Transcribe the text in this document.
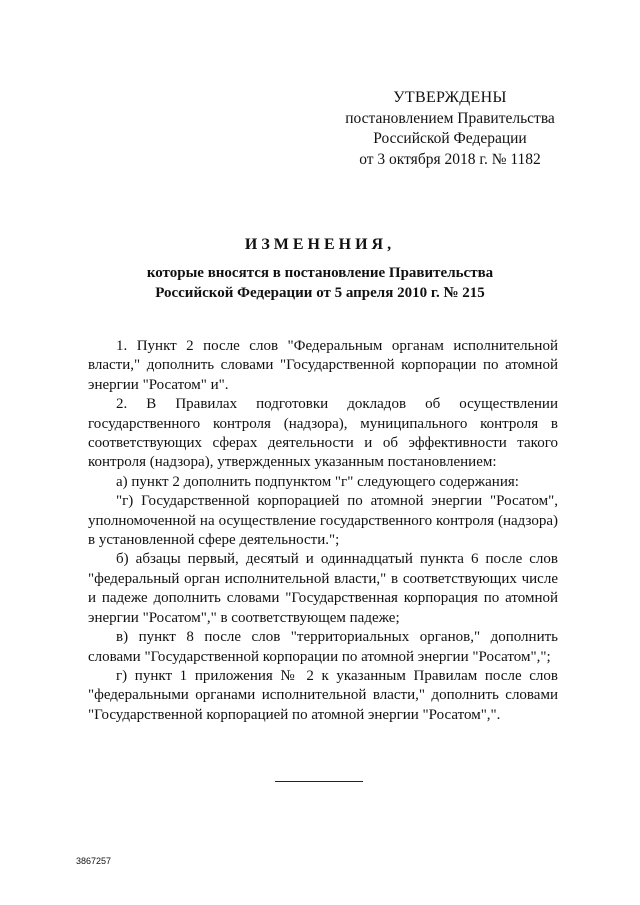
УТВЕРЖДЕНЫ
постановлением Правительства
Российской Федерации
от 3 октября 2018 г. № 1182
ИЗМЕНЕНИЯ,
которые вносятся в постановление Правительства
Российской Федерации от 5 апреля 2010 г. № 215

1. Пункт 2 после слов "Федеральным органам исполнительной власти," дополнить словами "Государственной корпорации по атомной энергии "Росатом" и".

2. В Правилах подготовки докладов об осуществлении государственного контроля (надзора), муниципального контроля в соответствующих сферах деятельности и об эффективности такого контроля (надзора), утвержденных указанным постановлением:

а) пункт 2 дополнить подпунктом "г" следующего содержания:

"г) Государственной корпорацией по атомной энергии "Росатом", уполномоченной на осуществление государственного контроля (надзора) в установленной сфере деятельности.";

б) абзацы первый, десятый и одиннадцатый пункта 6 после слов "федеральный орган исполнительной власти," в соответствующих числе и падеже дополнить словами "Государственная корпорация по атомной энергии "Росатом"," в соответствующем падеже;

в) пункт 8 после слов "территориальных органов," дополнить словами "Государственной корпорации по атомной энергии "Росатом",";

г) пункт 1 приложения № 2 к указанным Правилам после слов "федеральными органами исполнительной власти," дополнить словами "Государственной корпорацией по атомной энергии "Росатом",".

3867257
